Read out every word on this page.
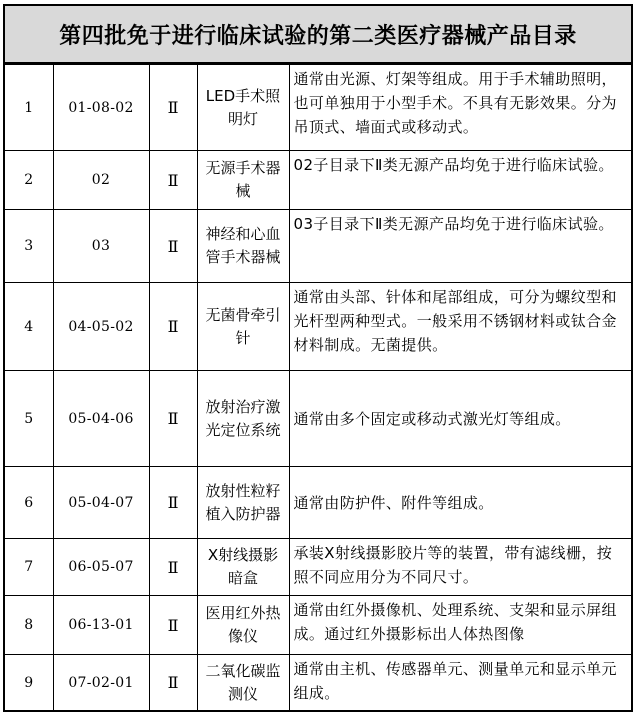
第四批免于进行临床试验的第二类医疗器械产品目录
1	01-08-02	Ⅱ	LED手术照明灯	通常由光源、灯架等组成。用于手术辅助照明，也可单独用于小型手术。不具有无影效果。分为吊顶式、墙面式或移动式。
2	02	Ⅱ	无源手术器械	02子目录下Ⅱ类无源产品均免于进行临床试验。
3	03	Ⅱ	神经和心血管手术器械	03子目录下Ⅱ类无源产品均免于进行临床试验。
4	04-05-02	Ⅱ	无菌骨牵引针	通常由头部、针体和尾部组成，可分为螺纹型和光杆型两种型式。一般采用不锈钢材料或钛合金材料制成。无菌提供。
5	05-04-06	Ⅱ	放射治疗激光定位系统	通常由多个固定或移动式激光灯等组成。
6	05-04-07	Ⅱ	放射性粒籽植入防护器	通常由防护件、附件等组成。
7	06-05-07	Ⅱ	X射线摄影暗盒	承装X射线摄影胶片等的装置，带有滤线栅，按照不同应用分为不同尺寸。
8	06-13-01	Ⅱ	医用红外热像仪	通常由红外摄像机、处理系统、支架和显示屏组成。通过红外摄影标出人体热图像
9	07-02-01	Ⅱ	二氧化碳监测仪	通常由主机、传感器单元、测量单元和显示单元组成。
